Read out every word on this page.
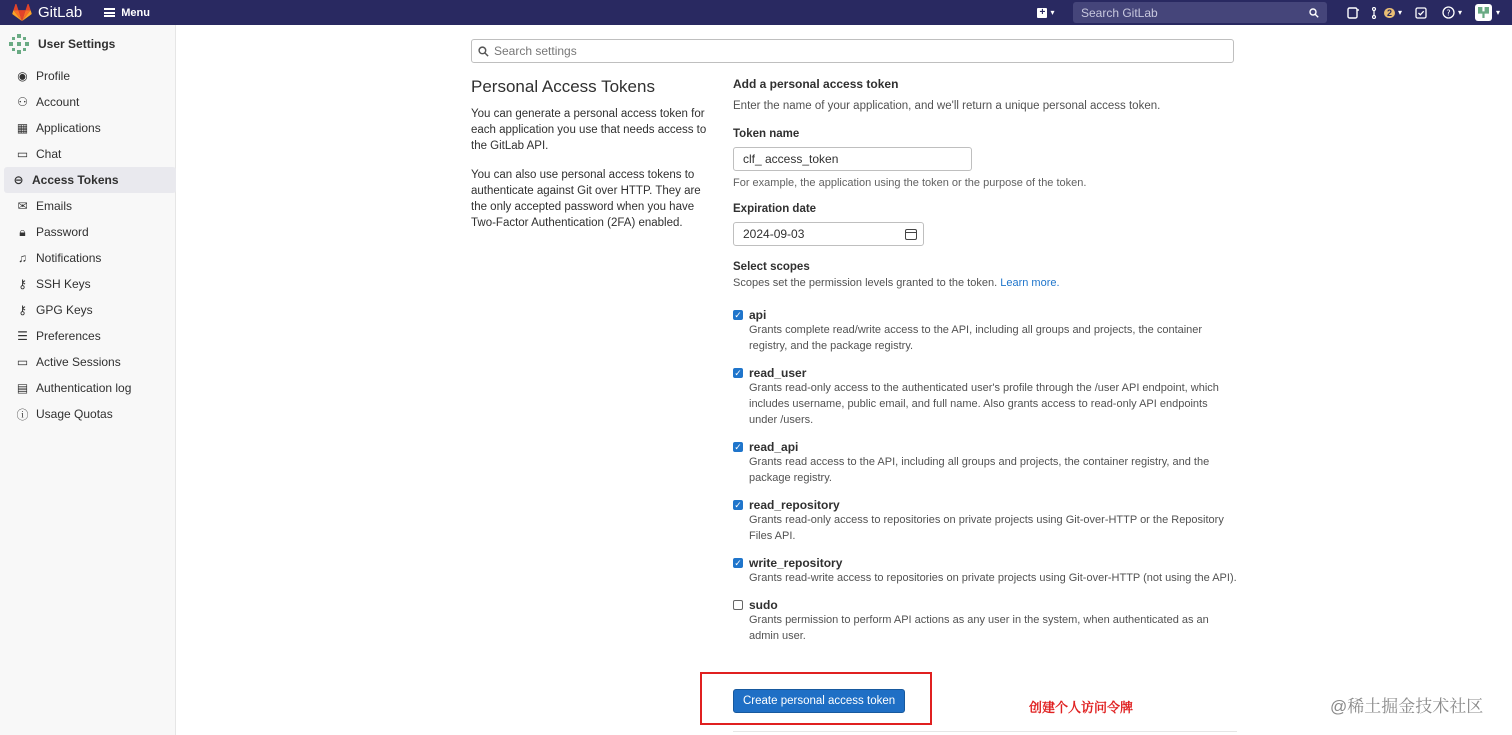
GitLab	Menu	+ ▾
Search GitLab	2 ▾	? ▾	▾
User Settings
◉ Profile
⚇ Account
▦ Applications
▭ Chat
⊖ Access Tokens
✉ Emails
🔒︎ Password
♫ Notifications
⚷ SSH Keys
⚷ GPG Keys
☰ Preferences
▭ Active Sessions
▤ Authentication log
ⓘ Usage Quotas
Search settings
Personal Access Tokens

You can generate a personal access token for each application you use that needs access to the GitLab API.

You can also use personal access tokens to authenticate against Git over HTTP. They are the only accepted password when you have Two-Factor Authentication (2FA) enabled.

Add a personal access token
Enter the name of your application, and we'll return a unique personal access token.
Token name
clf_ access_token
For example, the application using the token or the purpose of the token.
Expiration date
2024-09-03
Select scopes
Scopes set the permission levels granted to the token. Learn more.
✓
api
Grants complete read/write access to the API, including all groups and projects, the container registry, and the package registry.
✓
read_user
Grants read-only access to the authenticated user's profile through the /user API endpoint, which includes username, public email, and full name. Also grants access to read-only API endpoints under /users.
✓
read_api
Grants read access to the API, including all groups and projects, the container registry, and the package registry.
✓
read_repository
Grants read-only access to repositories on private projects using Git-over-HTTP or the Repository Files API.
✓
write_repository
Grants read-write access to repositories on private projects using Git-over-HTTP (not using the API).
sudo
Grants permission to perform API actions as any user in the system, when authenticated as an admin user.
Create personal access token	创建个人访问令牌	@稀土掘金技术社区
